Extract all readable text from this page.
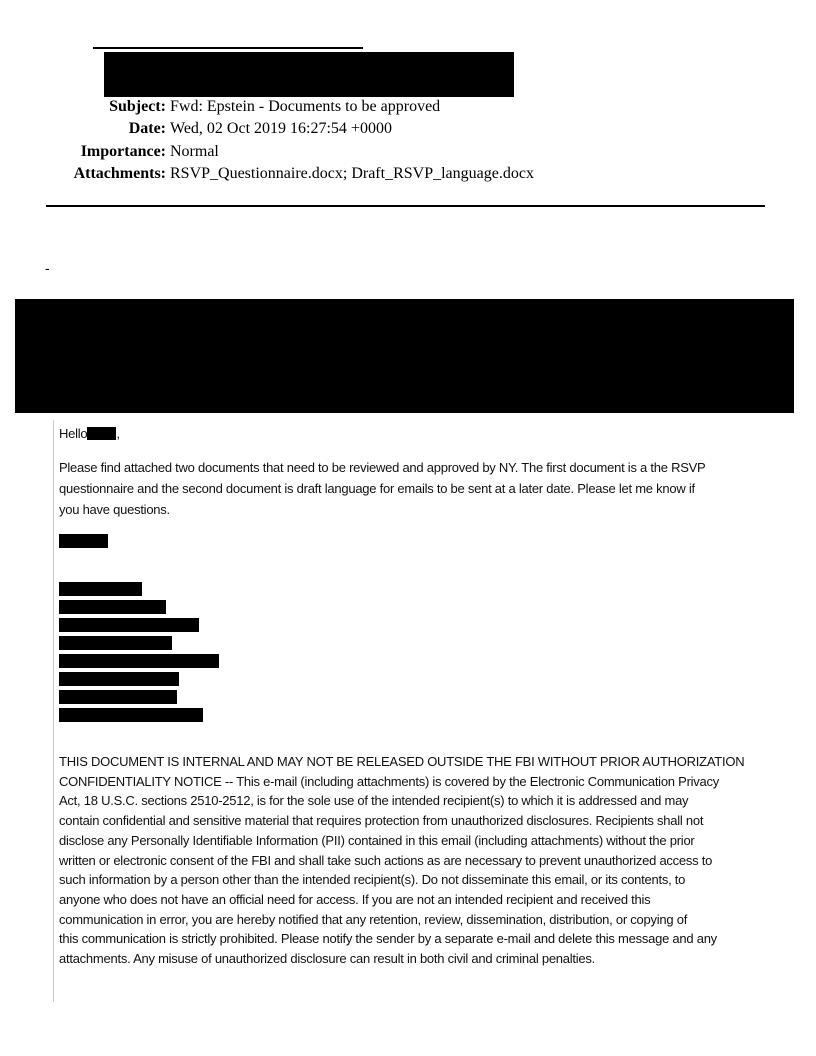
Subject: Fwd: Epstein - Documents to be approved
Date: Wed, 02 Oct 2019 16:27:54 +0000
Importance: Normal
Attachments: RSVP_Questionnaire.docx; Draft_RSVP_language.docx
-
Hello ,
Please find attached two documents that need to be reviewed and approved by NY. The first document is a the RSVP
questionnaire and the second document is draft language for emails to be sent at a later date. Please let me know if
you have questions.
THIS DOCUMENT IS INTERNAL AND MAY NOT BE RELEASED OUTSIDE THE FBI WITHOUT PRIOR AUTHORIZATION
CONFIDENTIALITY NOTICE -- This e-mail (including attachments) is covered by the Electronic Communication Privacy
Act, 18 U.S.C. sections 2510-2512, is for the sole use of the intended recipient(s) to which it is addressed and may
contain confidential and sensitive material that requires protection from unauthorized disclosures. Recipients shall not
disclose any Personally Identifiable Information (PII) contained in this email (including attachments) without the prior
written or electronic consent of the FBI and shall take such actions as are necessary to prevent unauthorized access to
such information by a person other than the intended recipient(s). Do not disseminate this email, or its contents, to
anyone who does not have an official need for access. If you are not an intended recipient and received this
communication in error, you are hereby notified that any retention, review, dissemination, distribution, or copying of
this communication is strictly prohibited. Please notify the sender by a separate e-mail and delete this message and any
attachments. Any misuse of unauthorized disclosure can result in both civil and criminal penalties.
